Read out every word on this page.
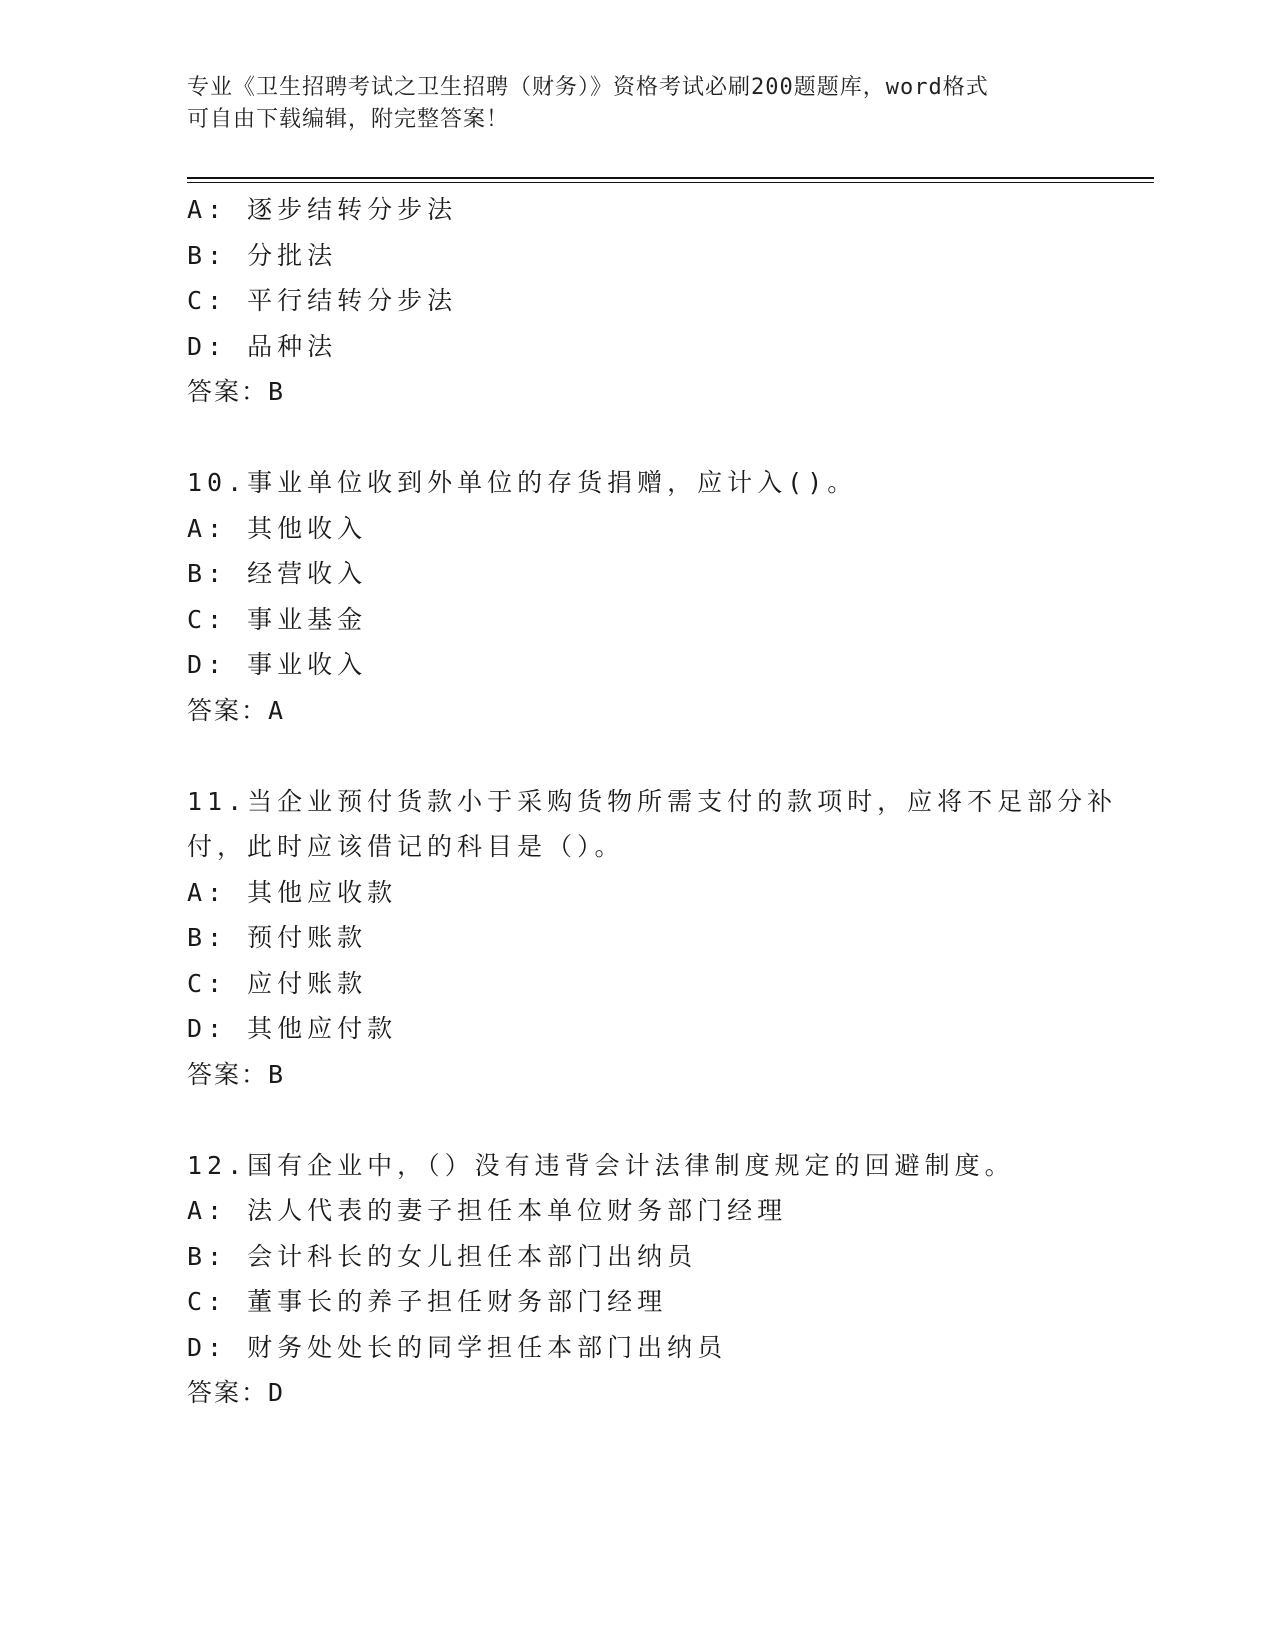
专业《卫生招聘考试之卫生招聘（财务）》资格考试必刷200题题库，word格式
可自由下载编辑，附完整答案！
A: 逐步结转分步法
B: 分批法
C: 平行结转分步法
D: 品种法
答案：B
10.事业单位收到外单位的存货捐赠，应计入()。
A: 其他收入
B: 经营收入
C: 事业基金
D: 事业收入
答案：A
11.当企业预付货款小于采购货物所需支付的款项时，应将不足部分补
付，此时应该借记的科目是（）。
A: 其他应收款
B: 预付账款
C: 应付账款
D: 其他应付款
答案：B
12.国有企业中，（）没有违背会计法律制度规定的回避制度。
A: 法人代表的妻子担任本单位财务部门经理
B: 会计科长的女儿担任本部门出纳员
C: 董事长的养子担任财务部门经理
D: 财务处处长的同学担任本部门出纳员
答案：D
